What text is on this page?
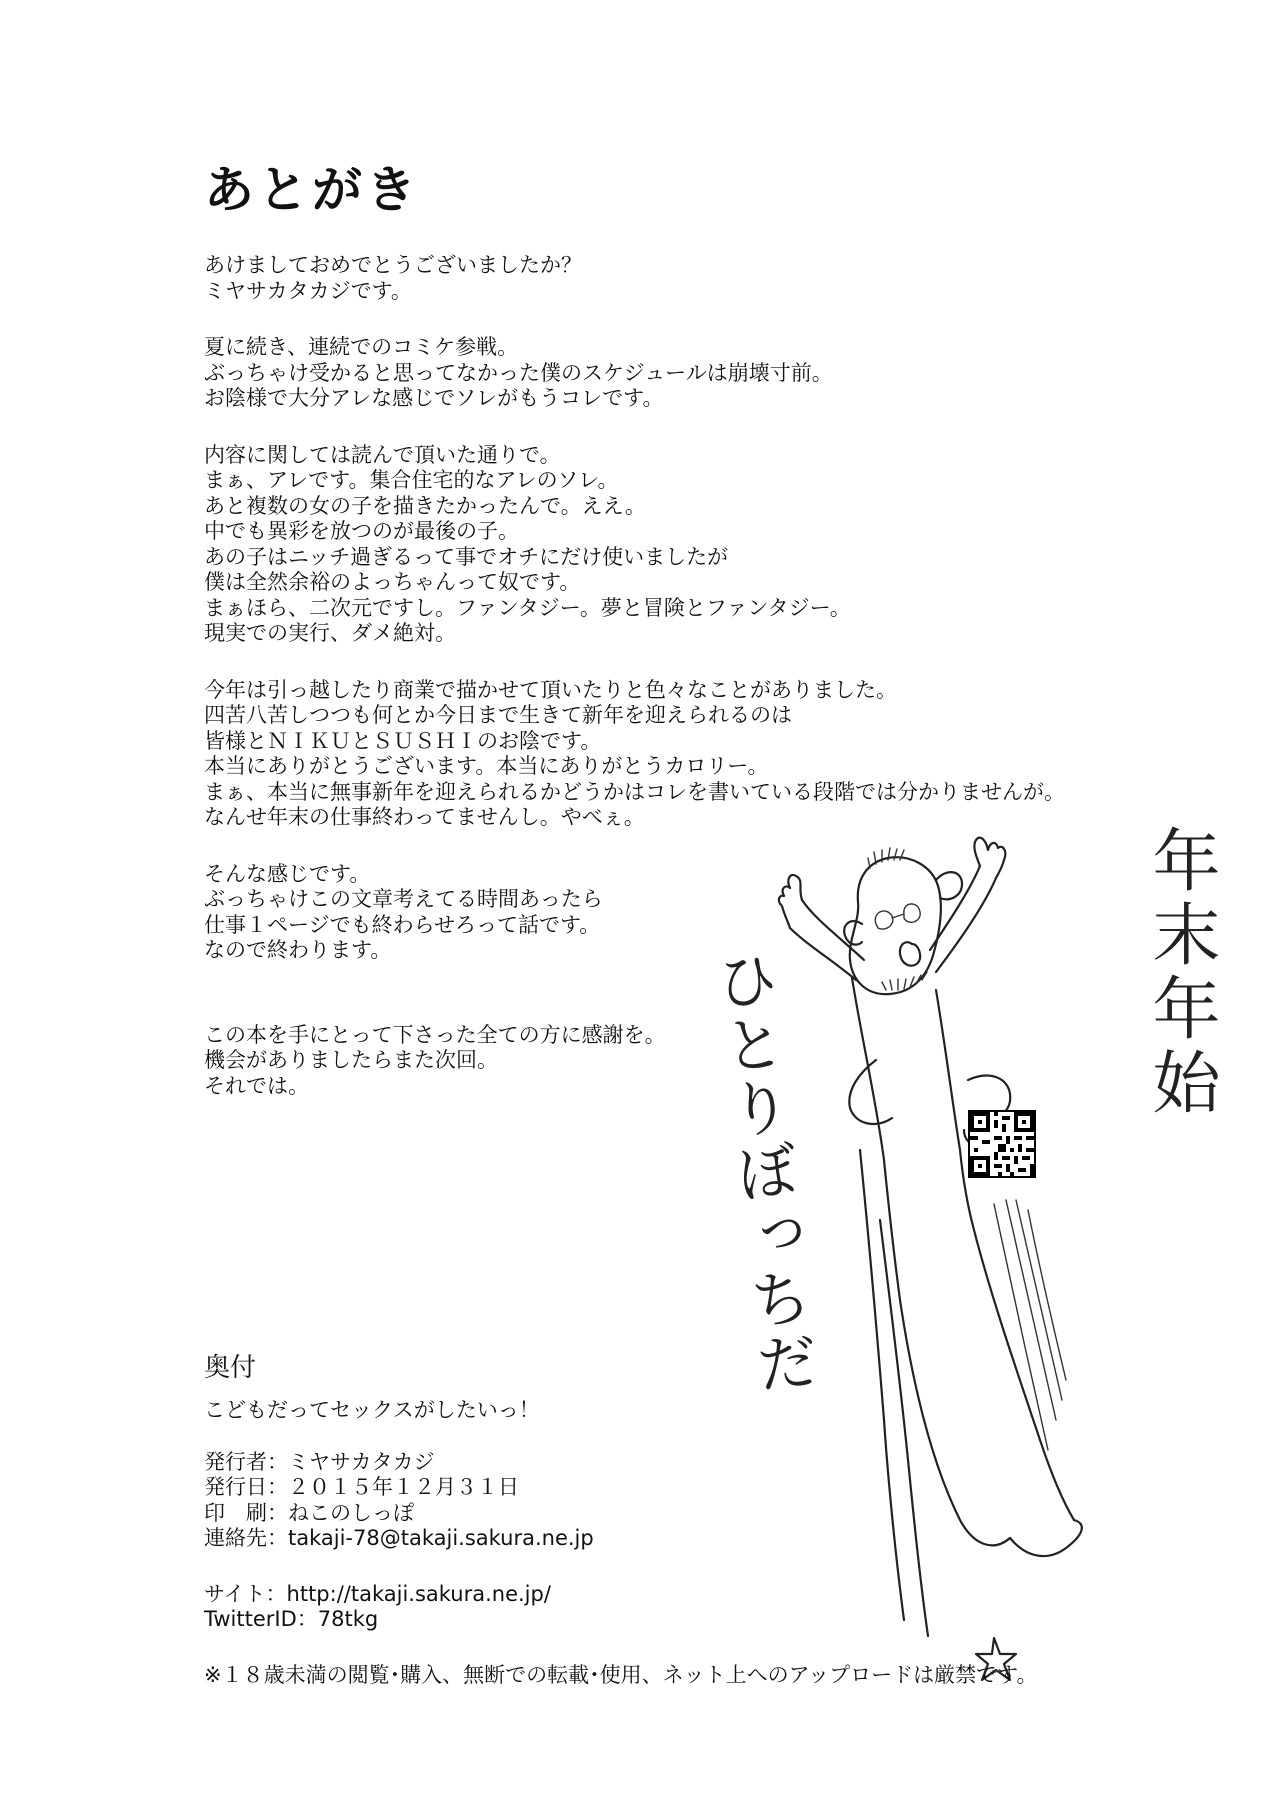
あとがき
あけましておめでとうございましたか？
ミヤサカタカジです。
夏に続き、連続でのコミケ参戦。
ぶっちゃけ受かると思ってなかった僕のスケジュールは崩壊寸前。
お陰様で大分アレな感じでソレがもうコレです。
内容に関しては読んで頂いた通りで。
まぁ、アレです。集合住宅的なアレのソレ。
あと複数の女の子を描きたかったんで。ええ。
中でも異彩を放つのが最後の子。
あの子はニッチ過ぎるって事でオチにだけ使いましたが
僕は全然余裕のよっちゃんって奴です。
まぁほら、二次元ですし。ファンタジー。夢と冒険とファンタジー。
現実での実行、ダメ絶対。
今年は引っ越したり商業で描かせて頂いたりと色々なことがありました。
四苦八苦しつつも何とか今日まで生きて新年を迎えられるのは
皆様とＮＩＫＵとＳＵＳＨＩのお陰です。
本当にありがとうございます。本当にありがとうカロリー。
まぁ、本当に無事新年を迎えられるかどうかはコレを書いている段階では分かりませんが。
なんせ年末の仕事終わってませんし。やべぇ。
そんな感じです。
ぶっちゃけこの文章考えてる時間あったら
仕事１ページでも終わらせろって話です。
なので終わります。
この本を手にとって下さった全ての方に感謝を。
機会がありましたらまた次回。
それでは。	年末年始
ひとりぼっちだ
奥付
こどもだってセックスがしたいっ！
発行者：ミヤサカタカジ
発行日：２０１５年１２月３１日
印　刷：ねこのしっぽ
連絡先：takaji-78@takaji.sakura.ne.jp
サイト：http://takaji.sakura.ne.jp/
TwitterID：78tkg
※１８歳未満の閲覧･購入、無断での転載･使用、ネット上へのアップロードは厳禁です。
